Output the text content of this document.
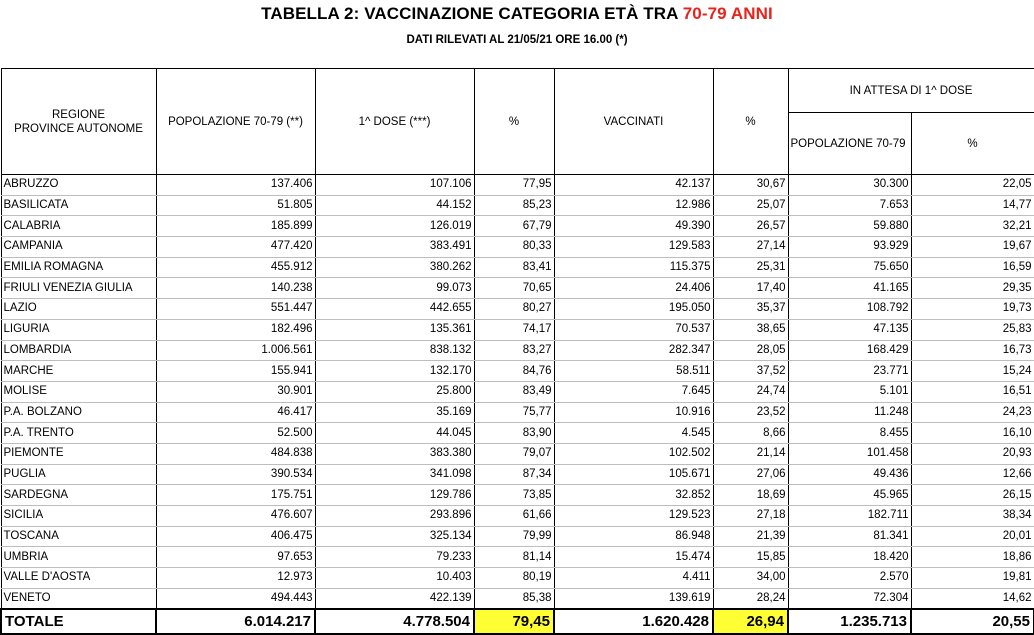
TABELLA 2: VACCINAZIONE CATEGORIA ETÀ TRA 70-79 ANNI
DATI RILEVATI AL 21/05/21 ORE 16.00 (*)
REGIONE
PROVINCE AUTONOME	POPOLAZIONE 70-79 (**)	1^ DOSE (***)	%	VACCINATI	%	IN ATTESA DI 1^ DOSE	
						POPOLAZIONE 70-79	%
ABRUZZO	137.406	107.106	77,95	42.137	30,67	30.300	22,05
BASILICATA	51.805	44.152	85,23	12.986	25,07	7.653	14,77
CALABRIA	185.899	126.019	67,79	49.390	26,57	59.880	32,21
CAMPANIA	477.420	383.491	80,33	129.583	27,14	93.929	19,67
EMILIA ROMAGNA	455.912	380.262	83,41	115.375	25,31	75.650	16,59
FRIULI VENEZIA GIULIA	140.238	99.073	70,65	24.406	17,40	41.165	29,35
LAZIO	551.447	442.655	80,27	195.050	35,37	108.792	19,73
LIGURIA	182.496	135.361	74,17	70.537	38,65	47.135	25,83
LOMBARDIA	1.006.561	838.132	83,27	282.347	28,05	168.429	16,73
MARCHE	155.941	132.170	84,76	58.511	37,52	23.771	15,24
MOLISE	30.901	25.800	83,49	7.645	24,74	5.101	16,51
P.A. BOLZANO	46.417	35.169	75,77	10.916	23,52	11.248	24,23
P.A. TRENTO	52.500	44.045	83,90	4.545	8,66	8.455	16,10
PIEMONTE	484.838	383.380	79,07	102.502	21,14	101.458	20,93
PUGLIA	390.534	341.098	87,34	105.671	27,06	49.436	12,66
SARDEGNA	175.751	129.786	73,85	32.852	18,69	45.965	26,15
SICILIA	476.607	293.896	61,66	129.523	27,18	182.711	38,34
TOSCANA	406.475	325.134	79,99	86.948	21,39	81.341	20,01
UMBRIA	97.653	79.233	81,14	15.474	15,85	18.420	18,86
VALLE D'AOSTA	12.973	10.403	80,19	4.411	34,00	2.570	19,81
VENETO	494.443	422.139	85,38	139.619	28,24	72.304	14,62
TOTALE	6.014.217	4.778.504	79,45	1.620.428	26,94	1.235.713	20,55
